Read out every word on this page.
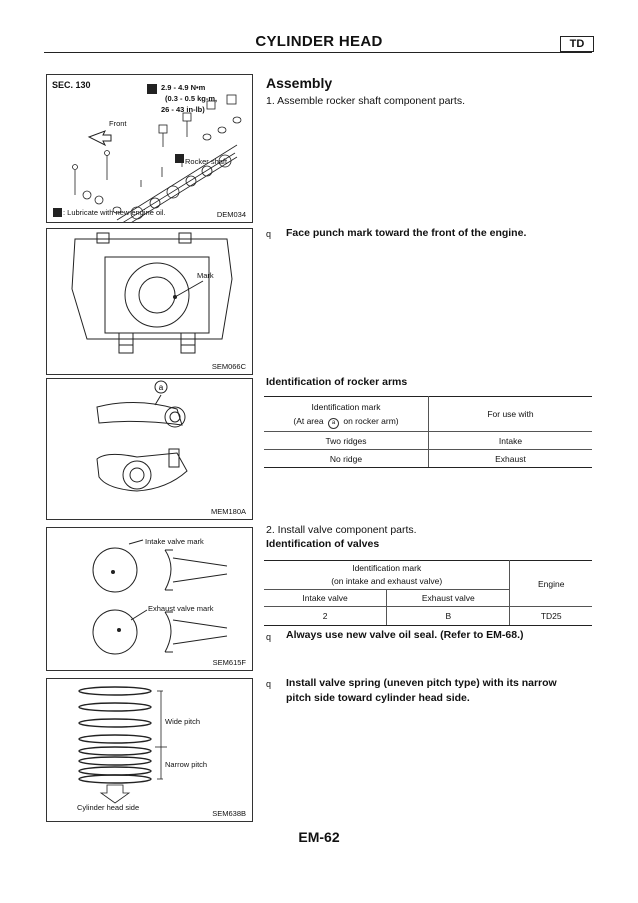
CYLINDER HEAD	TD
SEC. 130	2.9 - 4.9 N•m
(0.3 - 0.5 kg-m,
26 - 43 in-lb)
Front
Rocker shaft
: Lubricate with new engine oil.	DEM034
Mark
SEM066C
a
MEM180A
Intake valve mark
Exhaust valve mark
SEM615F
Wide pitch
Narrow pitch
Cylinder head side
SEM638B
Assembly
1. Assemble rocker shaft component parts.
q Face punch mark toward the front of the engine.
Identification of rocker arms
Identification mark
(At area a on rocker arm)	For use with
Two ridges	Intake
No ridge	Exhaust
2. Install valve component parts.
Identification of valves
Identification mark
(on intake and exhaust valve)		Engine
Intake valve	Exhaust valve	
2	B	TD25
q Always use new valve oil seal. (Refer to EM-68.)
q Install valve spring (uneven pitch type) with its narrow
pitch side toward cylinder head side.
EM-62
